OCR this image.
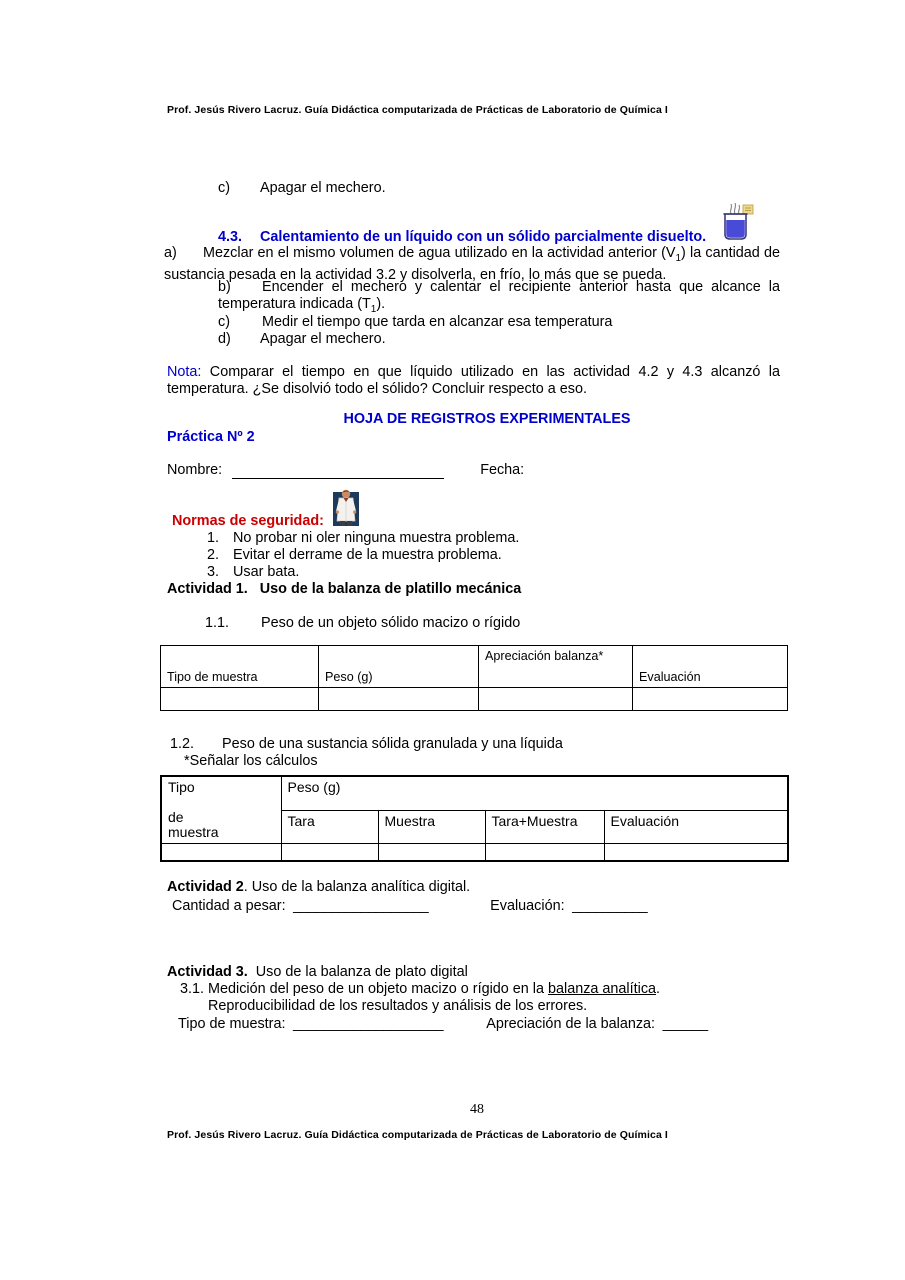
Prof. Jesús Rivero Lacruz. Guía Didáctica computarizada de Prácticas de Laboratorio de Química I
c)	Apagar el mechero.
4.3. Calentamiento de un líquido con un sólido parcialmente disuelto.
a) Mezclar en el mismo volumen de agua utilizado en la actividad anterior $(V_1)$ la cantidad de sustancia pesada en la actividad 3.2 y disolverla, en frío, lo más que se pueda.
b)	Encender el mechero y calentar el recipiente anterior hasta que alcance la temperatura indicada $(T_1)$.
c)	Medir el tiempo que tarda en alcanzar esa temperatura
d)	Apagar el mechero.
Nota: Comparar el tiempo en que líquido utilizado en las actividad 4.2 y 4.3 alcanzó la temperatura. ¿Se disolvió todo el sólido? Concluir respecto a eso.
HOJA DE REGISTROS EXPERIMENTALES
Práctica Nº 2
Nombre:	Fecha:
Normas de seguridad:
1. No probar ni oler ninguna muestra problema.
2. Evitar el derrame de la muestra problema.
3. Usar bata.
Actividad 1. Uso de la balanza de platillo mecánica
1.1. Peso de un objeto sólido macizo o rígido
Tipo de muestra	Peso (g)	Apreciación balanza*	Evaluación

1.2. Peso de una sustancia sólida granulada y una líquida
*Señalar los cálculos
Tipo

de
muestra	Peso (g)			
	Tara	Muestra	Tara+Muestra	Evaluación

Actividad 2. Uso de la balanza analítica digital.
Cantidad a pesar: __________________	Evaluación: __________
Actividad 3. Uso de la balanza de plato digital
3.1. Medición del peso de un objeto macizo o rígido en la balanza analítica.
Reproducibilidad de los resultados y análisis de los errores.
Tipo de muestra: ____________________	Apreciación de la balanza: ______
48
Prof. Jesús Rivero Lacruz. Guía Didáctica computarizada de Prácticas de Laboratorio de Química I
